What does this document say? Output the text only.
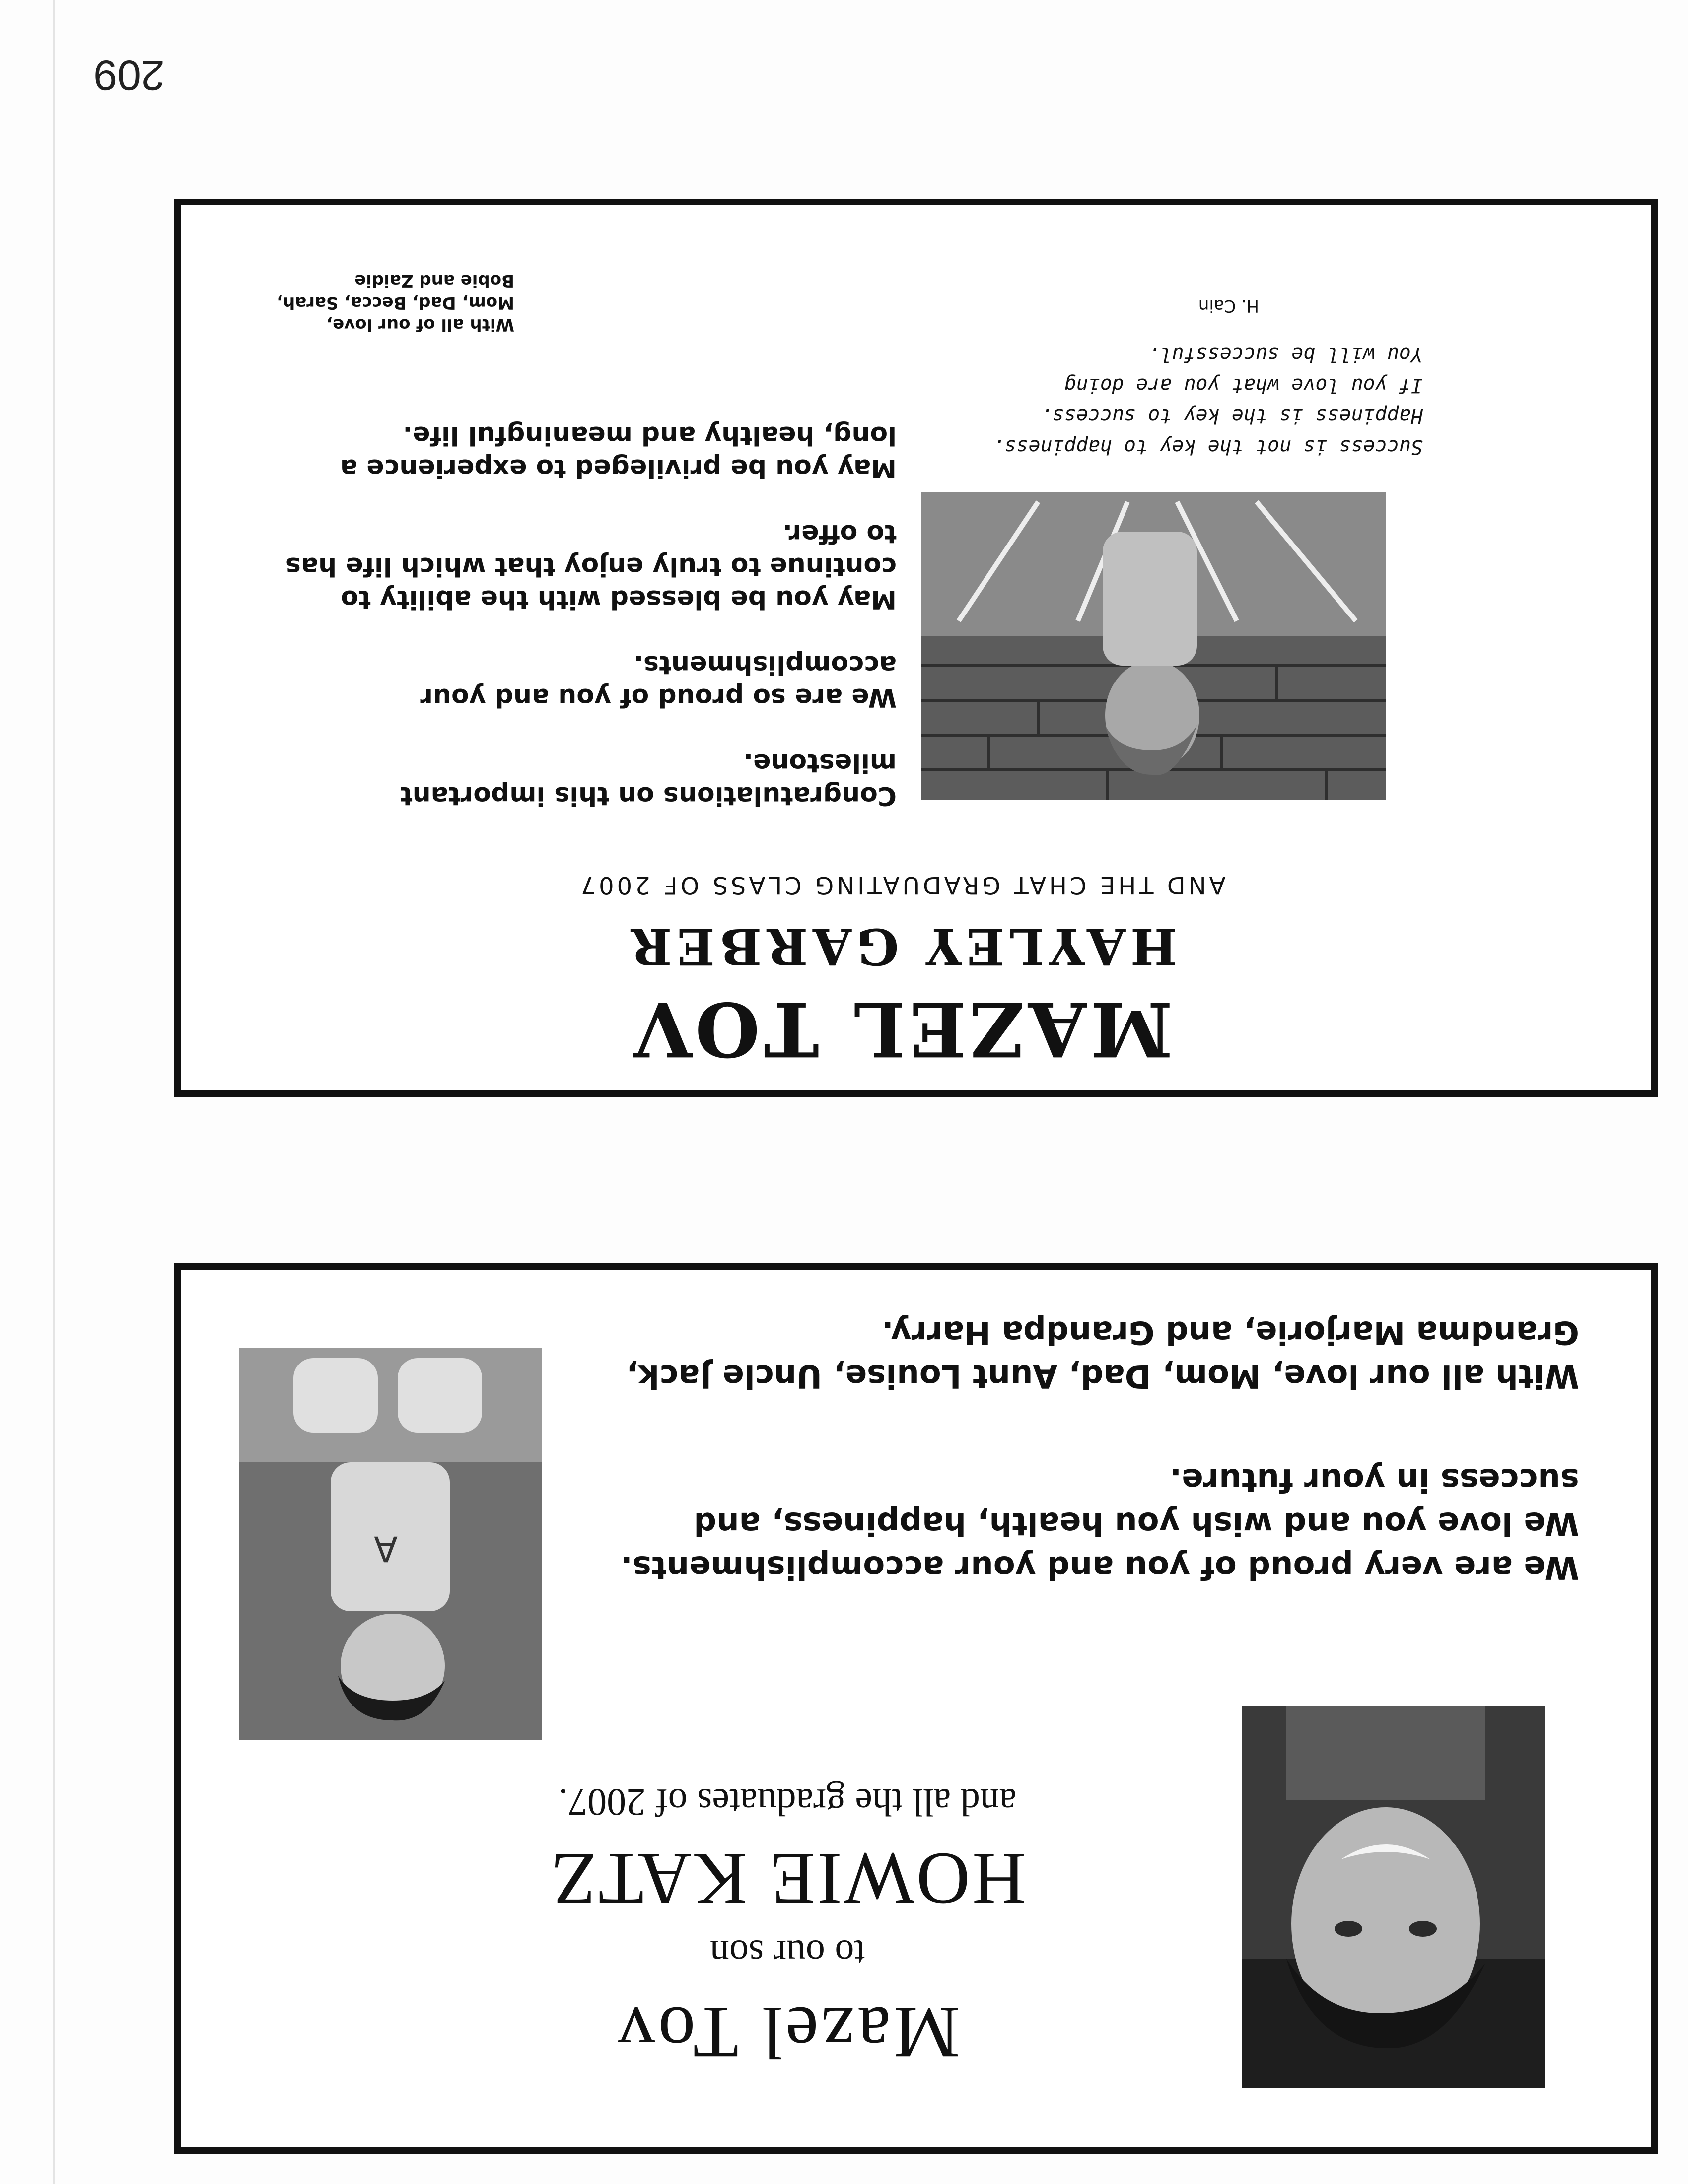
A
Mazel Tov
to our son
HOWIE KATZ
and all the graduates of 2007.
We are very proud of you and your accomplishments. We love you and wish you health, happiness, and success in your future.
With all our love, Mom, Dad, Aunt Louise, Uncle Jack, Grandma Marjorie, and Grandpa Harry.
MAZEL TOV
HAYLEY GARBER
AND THE CHAT GRADUATING CLASS OF 2007

Congratulations on this important milestone.

We are so proud of you and your accomplishments.

May you be blessed with the ability to continue to truly enjoy that which life has to offer.

May you be privileged to experience a long, healthy and meaningful life.	Success is not the key to happiness.
Happiness is the key to success.
If you love what you are doing
You will be successful.
H. Cain
With all of our love,
Mom, Dad, Becca, Sarah,
Bobie and Zaidie
209
